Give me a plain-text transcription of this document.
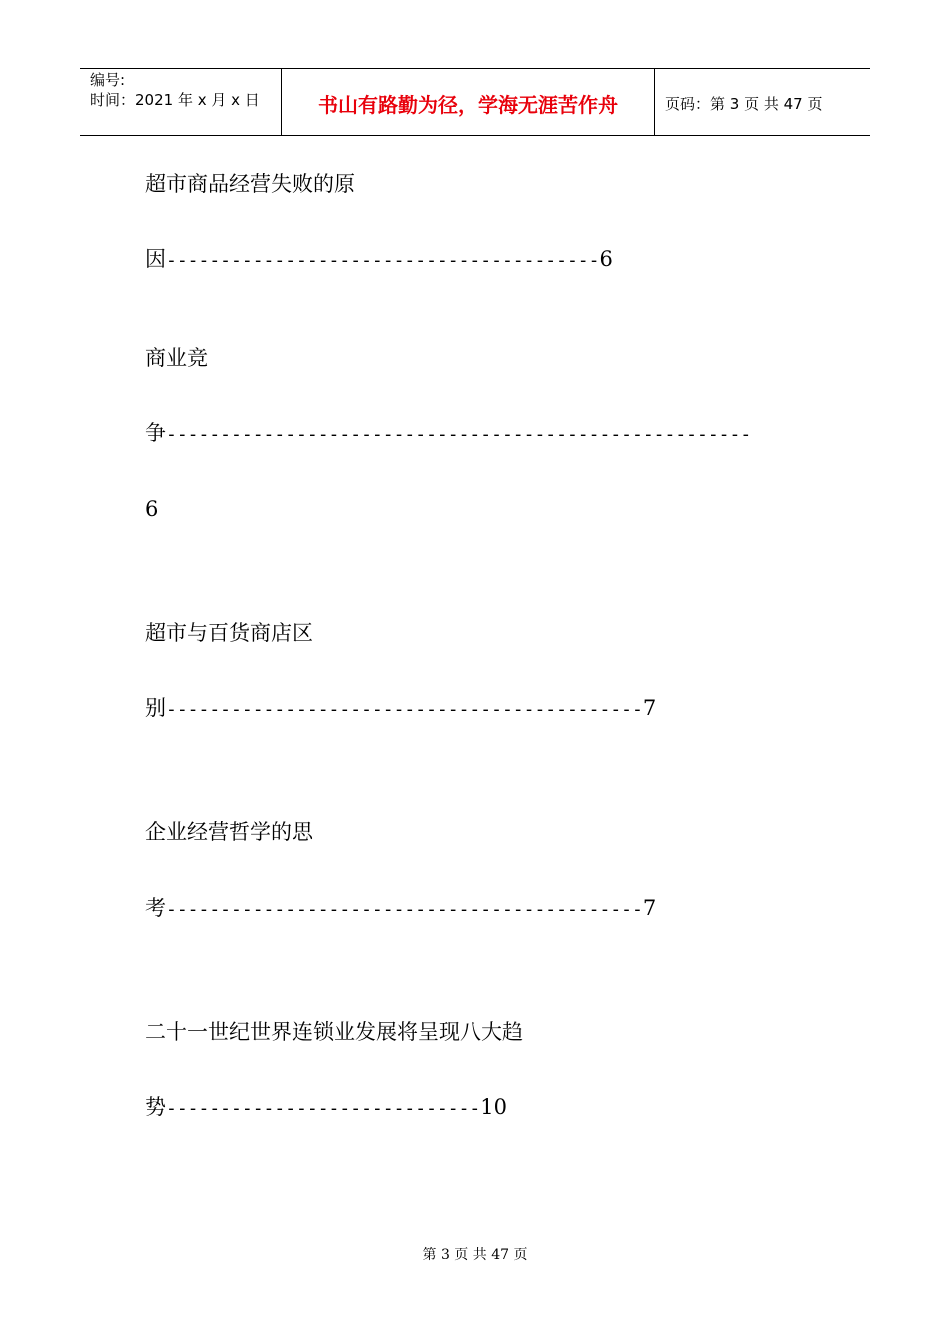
编号:
时间：2021 年 x 月 x 日	书山有路勤为径，学海无涯苦作舟	页码：第 3 页 共 47 页
超市商品经营失败的原
因----------------------------------------6
商业竞
争------------------------------------------------------
6
超市与百货商店区
别--------------------------------------------7
企业经营哲学的思
考--------------------------------------------7
二十一世纪世界连锁业发展将呈现八大趋
势-----------------------------10
第 3 页 共 47 页
